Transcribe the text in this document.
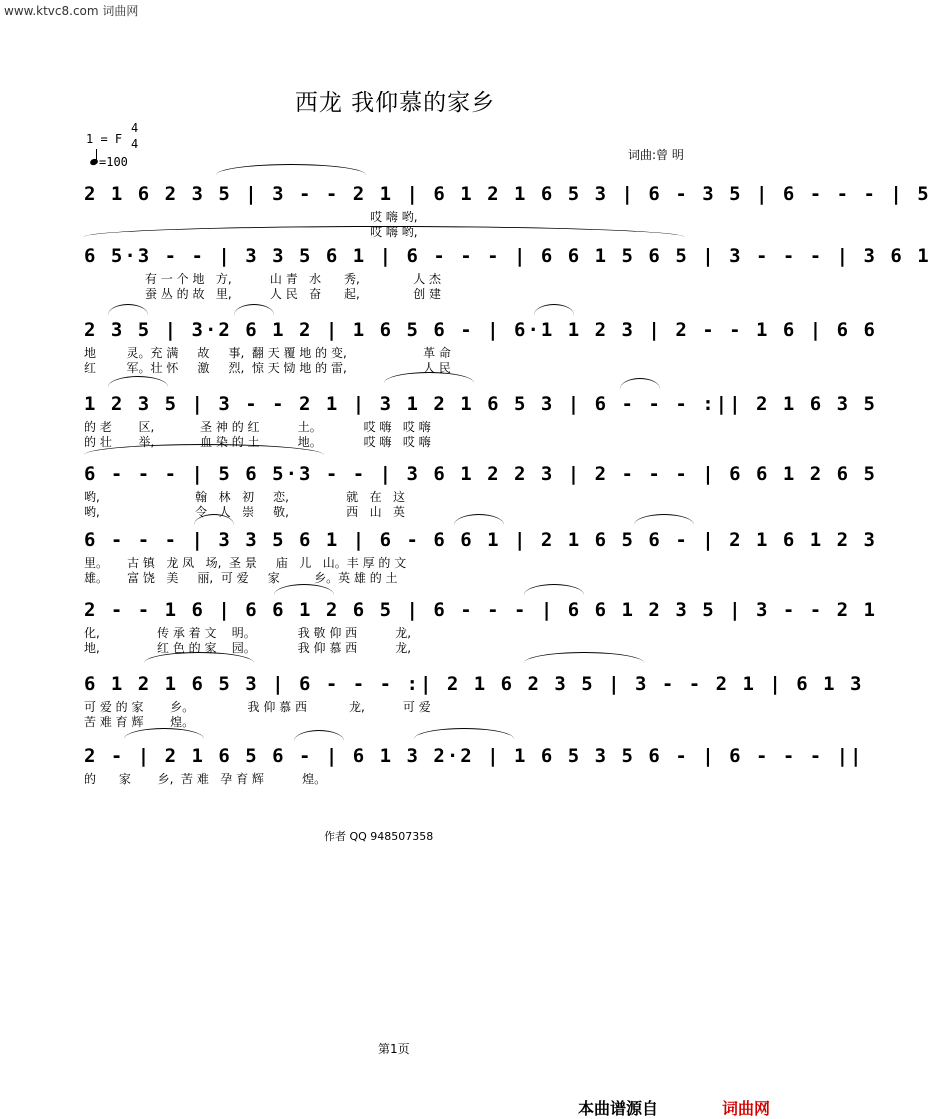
www.ktvc8.com 词曲网
西龙 我仰慕的家乡
1 = F
4
4
=100	词曲:曾 明
2 1 6 2 3 5 | 3 - - 2 1 | 6 1 2 1 6 5 3 | 6 - 3 5 | 6 - - - | 5
哎 嗨 哟,
哎 嗨 哟,
6 5·3 - - | 3 3 5 6 1 | 6 - - - | 6 6 1 5 6 5 | 3 - - - | 3 6 1
有 一 个 地   方,          山 青   水      秀,              人 杰
蚕 丛 的 故   里,          人 民   奋      起,              创 建
2 3 5 | 3·2 6 1 2 | 1 6 5 6 - | 6·1 1 2 3 | 2 - - 1 6 | 6 6
地        灵。充 满     故     事,  翻 天 覆 地 的 变,                    革 命
红        军。壮 怀     激     烈,  惊 天 恸 地 的 雷,                    人 民
1 2 3 5 | 3 - - 2 1 | 3 1 2 1 6 5 3 | 6 - - - :|| 2 1 6 3 5
的 老       区,            圣 神 的 红          土。           哎 嗨   哎 嗨
的 壮       举,            血 染 的 土          地。           哎 嗨   哎 嗨
6 - - - | 5 6 5·3 - - | 3 6 1 2 2 3 | 2 - - - | 6 6 1 2 6 5
哟,                         翰   林   初     恋,               就   在   这
哟,                         令   人   崇     敬,               西   山   英
6 - - - | 3 3 5 6 1 | 6 - 6 6 1 | 2 1 6 5 6 - | 2 1 6 1 2 3
里。     古 镇   龙 凤   场,  圣 景     庙   儿   山。丰 厚 的 文
雄。     富 饶   美     丽,  可 爱     家         乡。英 雄 的 土
2 - - 1 6 | 6 6 1 2 6 5 | 6 - - - | 6 6 1 2 3 5 | 3 - - 2 1
化,               传 承 着 文    明。           我 敬 仰 西          龙,
地,               红 色 的 家    园。           我 仰 慕 西          龙,
6 1 2 1 6 5 3 | 6 - - - :| 2 1 6 2 3 5 | 3 - - 2 1 | 6 1 3
可 爱 的 家       乡。              我 仰 慕 西           龙,          可 爱
苦 难 育 辉       煌。
2 - | 2 1 6 5 6 - | 6 1 3 2·2 | 1 6 5 3 5 6 - | 6 - - - ||
的      家       乡,  苦 难   孕 育 辉          煌。
作者 QQ 948507358
第1页
本曲谱源自	词曲网
